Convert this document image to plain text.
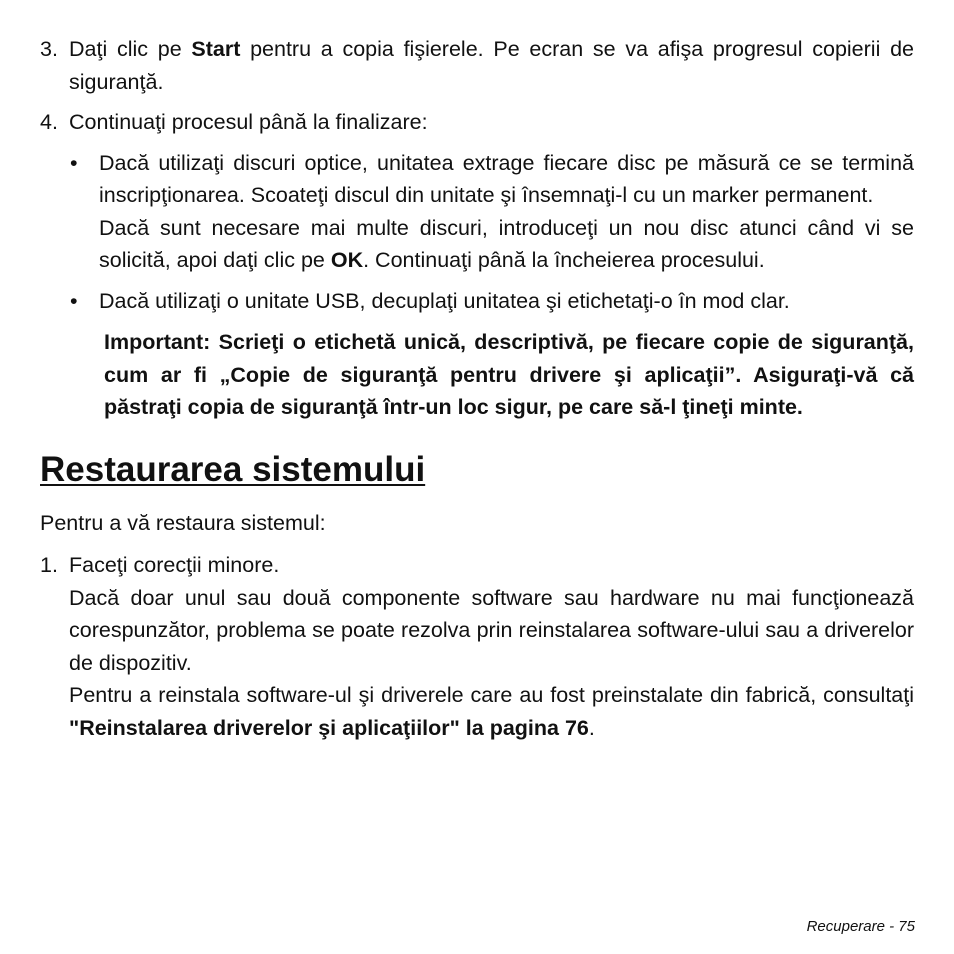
3. Daţi clic pe Start pentru a copia fişierele. Pe ecran se va afişa progresul copierii de siguranţă.
4. Continuaţi procesul până la finalizare:
• Dacă utilizaţi discuri optice, unitatea extrage fiecare disc pe măsură ce se termină inscripţionarea. Scoateţi discul din unitate şi însemnaţi-l cu un marker permanent.
Dacă sunt necesare mai multe discuri, introduceţi un nou disc atunci când vi se solicită, apoi daţi clic pe OK. Continuaţi până la încheierea procesului.
• Dacă utilizaţi o unitate USB, decuplaţi unitatea şi etichetaţi-o în mod clar.
Important: Scrieţi o etichetă unică, descriptivă, pe fiecare copie de siguranţă, cum ar fi „Copie de siguranţă pentru drivere şi aplicaţii”. Asiguraţi-vă că păstraţi copia de siguranţă într-un loc sigur, pe care să-l ţineţi minte.
Restaurarea sistemului
Pentru a vă restaura sistemul:
1. Faceţi corecţii minore.
Dacă doar unul sau două componente software sau hardware nu mai funcţionează corespunzător, problema se poate rezolva prin reinstalarea software-ului sau a driverelor de dispozitiv.
Pentru a reinstala software-ul şi driverele care au fost preinstalate din fabrică, consultaţi "Reinstalarea driverelor şi aplicaţiilor" la pagina 76.
Recuperare - 75
